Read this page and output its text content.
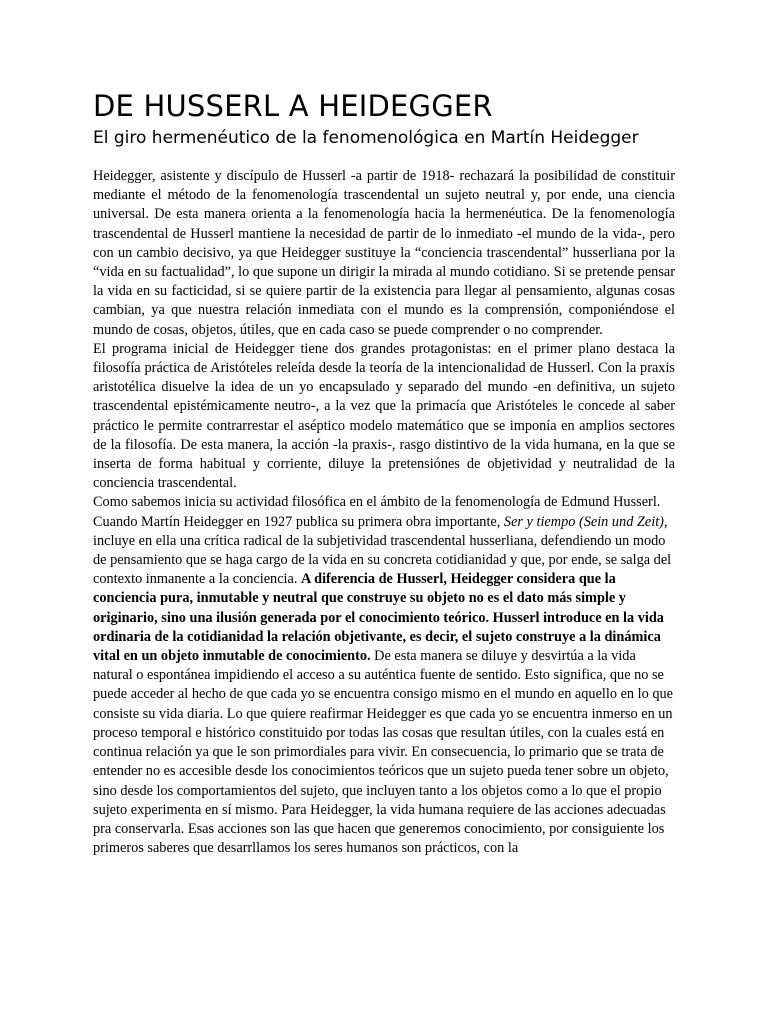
DE HUSSERL A HEIDEGGER
El giro hermenéutico de la fenomenológica en Martín Heidegger

Heidegger, asistente y discípulo de Husserl -a partir de 1918- rechazará la posibilidad de constituir mediante el método de la fenomenología trascendental un sujeto neutral y, por ende, una ciencia universal. De esta manera orienta a la fenomenología hacia la hermenéutica. De la fenomenología trascendental de Husserl mantiene la necesidad de partir de lo inmediato -el mundo de la vida-, pero con un cambio decisivo, ya que Heidegger sustituye la “conciencia trascendental” husserliana por la “vida en su factualidad”, lo que supone un dirigir la mirada al mundo cotidiano. Si se pretende pensar la vida en su facticidad, si se quiere partir de la existencia para llegar al pensamiento, algunas cosas cambian, ya que nuestra relación inmediata con el mundo es la comprensión, componiéndose el mundo de cosas, objetos, útiles, que en cada caso se puede comprender o no comprender.

El programa inicial de Heidegger tiene dos grandes protagonistas: en el primer plano destaca la filosofía práctica de Aristóteles releída desde la teoría de la intencionalidad de Husserl. Con la praxis aristotélica disuelve la idea de un yo encapsulado y separado del mundo -en definitiva, un sujeto trascendental epistémicamente neutro-, a la vez que la primacía que Aristóteles le concede al saber práctico le permite contrarrestar el aséptico modelo matemático que se imponía en amplios sectores de la filosofía. De esta manera, la acción -la praxis-, rasgo distintivo de la vida humana, en la que se inserta de forma habitual y corriente, diluye la pretensiónes de objetividad y neutralidad de la conciencia trascendental.

Como sabemos inicia su actividad filosófica en el ámbito de la fenomenología de Edmund Husserl. Cuando Martín Heidegger en 1927 publica su primera obra importante, Ser y tiempo (Sein und Zeit), incluye en ella una crítica radical de la subjetividad trascendental husserliana, defendiendo un modo de pensamiento que se haga cargo de la vida en su concreta cotidianidad y que, por ende, se salga del contexto inmanente a la conciencia. A diferencia de Husserl, Heidegger considera que la conciencia pura, inmutable y neutral que construye su objeto no es el dato más simple y originario, sino una ilusión generada por el conocimiento teórico. Husserl introduce en la vida ordinaria de la cotidianidad la relación objetivante, es decir, el sujeto construye a la dinámica vital en un objeto inmutable de conocimiento. De esta manera se diluye y desvirtúa a la vida natural o espontánea impidiendo el acceso a su auténtica fuente de sentido. Esto significa, que no se puede acceder al hecho de que cada yo se encuentra consigo mismo en el mundo en aquello en lo que consiste su vida diaria. Lo que quiere reafirmar Heidegger es que cada yo se encuentra inmerso en un proceso temporal e histórico constituido por todas las cosas que resultan útiles, con la cuales está en continua relación ya que le son primordiales para vivir. En consecuencia, lo primario que se trata de entender no es accesible desde los conocimientos teóricos que un sujeto pueda tener sobre un objeto, sino desde los comportamientos del sujeto, que incluyen tanto a los objetos como a lo que el propio sujeto experimenta en sí mismo. Para Heidegger, la vida humana requiere de las acciones adecuadas pra conservarla. Esas acciones son las que hacen que generemos conocimiento, por consiguiente los primeros saberes que desarrllamos los seres humanos son prácticos, con la
